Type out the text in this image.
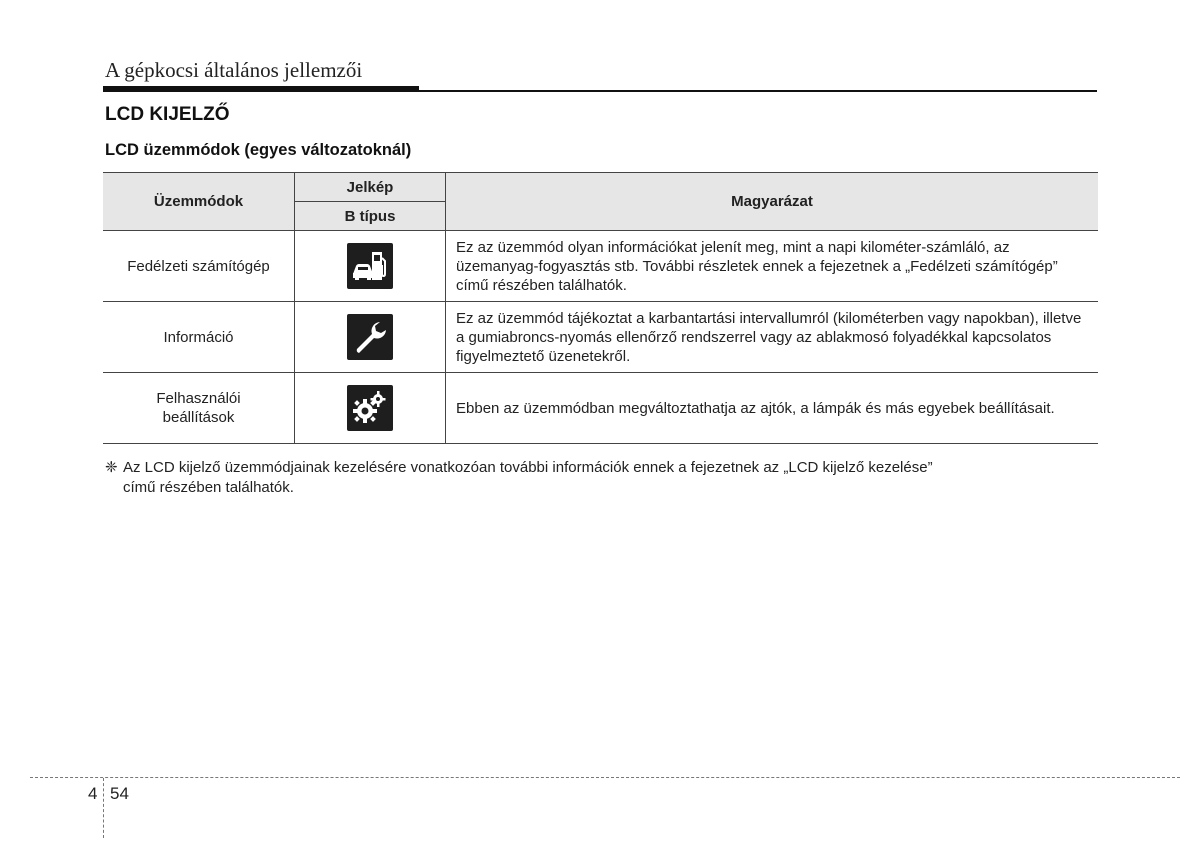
A gépkocsi általános jellemzői
LCD KIJELZŐ
LCD üzemmódok (egyes változatoknál)
Üzemmódok	Jelkép	Magyarázat
	B típus	
Fedélzeti számítógép		Ez az üzemmód olyan információkat jelenít meg, mint a napi kilométer-számláló, az üzemanyag-fogyasztás stb. További részletek ennek a fejezetnek a „Fedélzeti számítógép” című részében találhatók.
Információ		Ez az üzemmód tájékoztat a karbantartási intervallumról (kilométerben vagy napokban), illetve a gumiabroncs-nyomás ellenőrző rendszerrel vagy az ablakmosó folyadékkal kapcsolatos figyelmeztető üzenetekről.
Felhasználói
beállítások		Ebben az üzemmódban megváltoztathatja az ajtók, a lámpák és más egyebek beállításait.
❈ Az LCD kijelző üzemmódjainak kezelésére vonatkozóan további információk ennek a fejezetnek az „LCD kijelző kezelése”
című részében találhatók.
4 54
